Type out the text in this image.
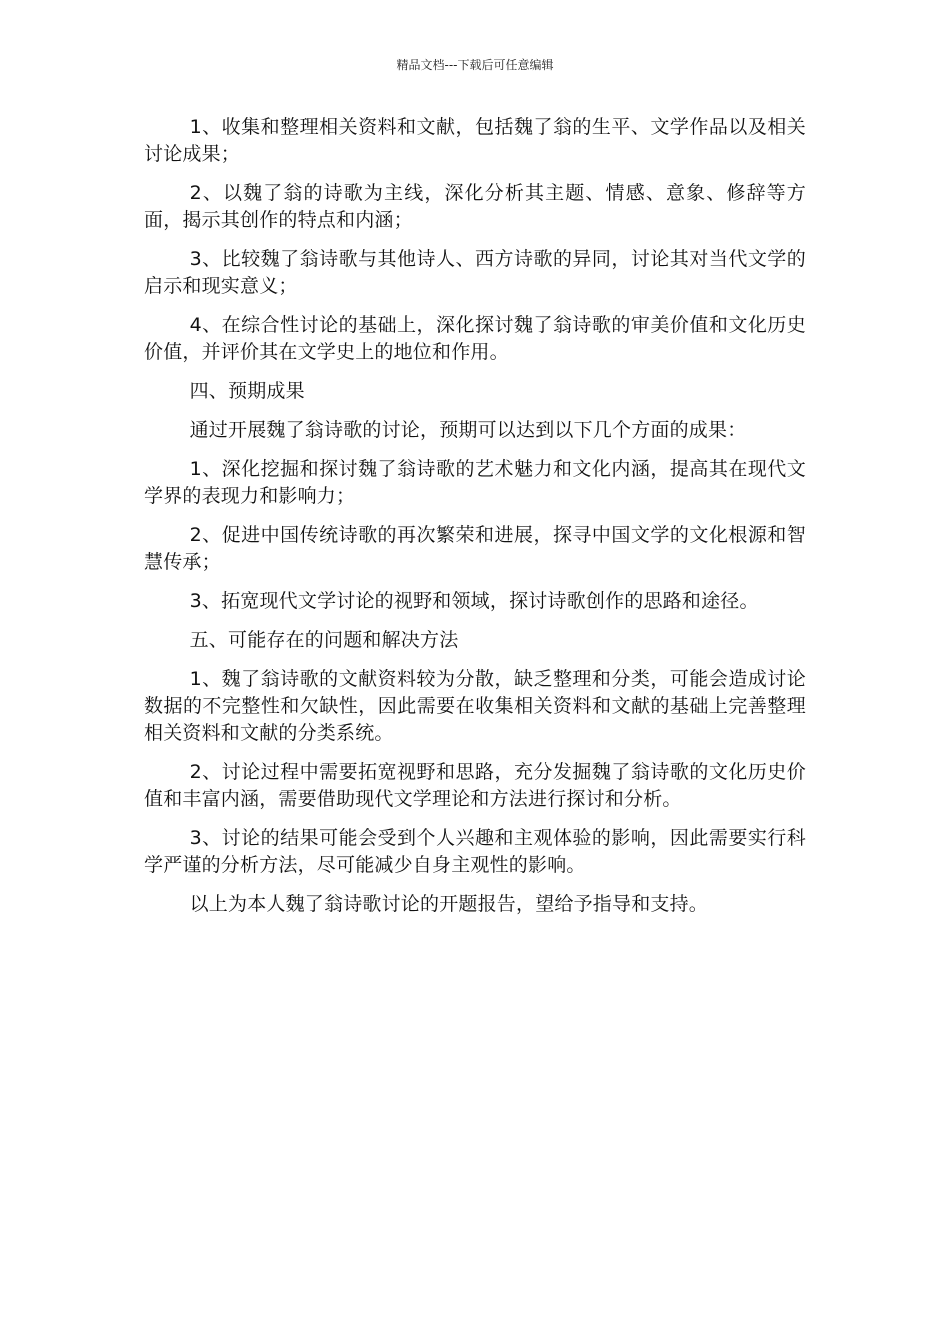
精品文档---下载后可任意编辑

1、收集和整理相关资料和文献，包括魏了翁的生平、文学作品以及相关讨论成果；

2、以魏了翁的诗歌为主线，深化分析其主题、情感、意象、修辞等方面，揭示其创作的特点和内涵；

3、比较魏了翁诗歌与其他诗人、西方诗歌的异同，讨论其对当代文学的启示和现实意义；

4、在综合性讨论的基础上，深化探讨魏了翁诗歌的审美价值和文化历史价值，并评价其在文学史上的地位和作用。

四、预期成果

通过开展魏了翁诗歌的讨论，预期可以达到以下几个方面的成果：

1、深化挖掘和探讨魏了翁诗歌的艺术魅力和文化内涵，提高其在现代文学界的表现力和影响力；

2、促进中国传统诗歌的再次繁荣和进展，探寻中国文学的文化根源和智慧传承；

3、拓宽现代文学讨论的视野和领域，探讨诗歌创作的思路和途径。

五、可能存在的问题和解决方法

1、魏了翁诗歌的文献资料较为分散，缺乏整理和分类，可能会造成讨论数据的不完整性和欠缺性，因此需要在收集相关资料和文献的基础上完善整理相关资料和文献的分类系统。

2、讨论过程中需要拓宽视野和思路，充分发掘魏了翁诗歌的文化历史价值和丰富内涵，需要借助现代文学理论和方法进行探讨和分析。

3、讨论的结果可能会受到个人兴趣和主观体验的影响，因此需要实行科学严谨的分析方法，尽可能减少自身主观性的影响。

以上为本人魏了翁诗歌讨论的开题报告，望给予指导和支持。
